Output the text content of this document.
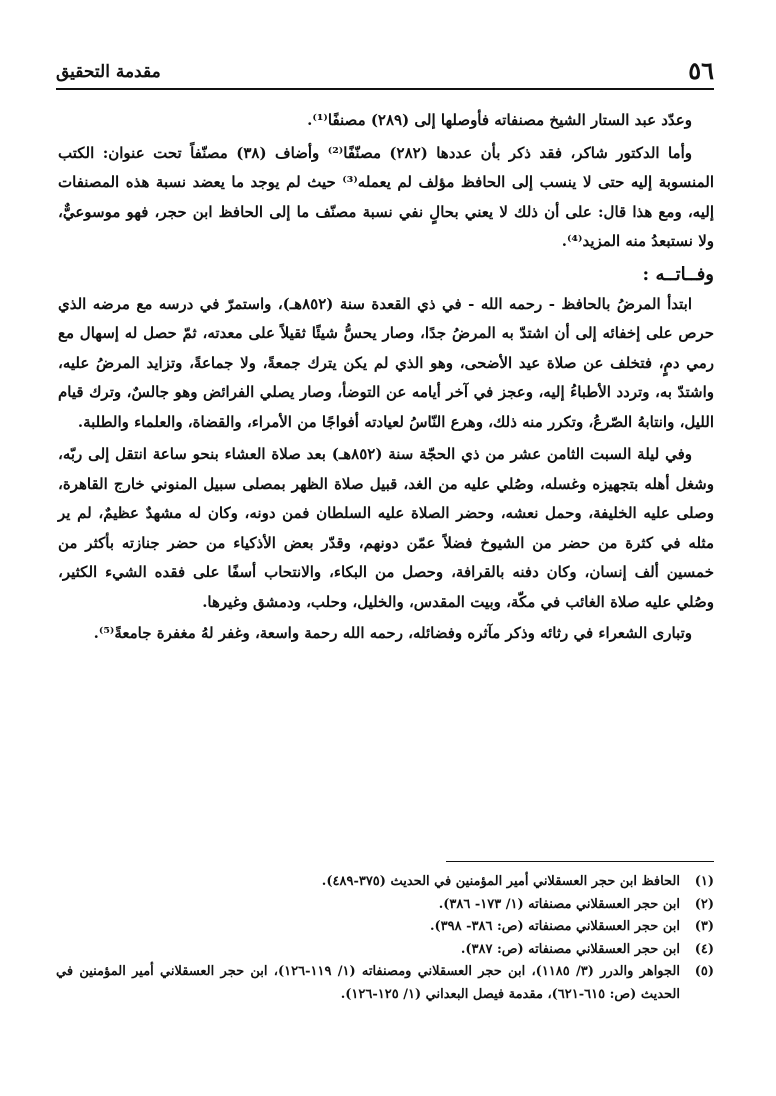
٥٦
مقدمة التحقيق

وعدّد عبد الستار الشيخ مصنفاته فأوصلها إلى (٢٨٩) مصنفًا⁽¹⁾.

وأما الدكتور شاكر، فقد ذكر بأن عددها (٢٨٢) مصنّفًا⁽²⁾ وأضاف (٣٨) مصنّفاً تحت عنوان: الكتب المنسوبة إليه حتى لا ينسب إلى الحافظ مؤلف لم يعمله⁽³⁾ حيث لم يوجد ما يعضد نسبة هذه المصنفات إليه، ومع هذا قال: على أن ذلك لا يعني بحالٍ نفي نسبة مصنّف ما إلى الحافظ ابن حجر، فهو موسوعيٌّ، ولا نستبعدُ منه المزيد⁽⁴⁾.

وفــاتــه :

ابتدأ المرضُ بالحافظ - رحمه الله - في ذي القعدة سنة (٨٥٢هـ)، واستمرّ في درسه مع مرضه الذي حرص على إخفائه إلى أن اشتدّ به المرضُ جدًا، وصار يحسُّ شيئًا ثقيلاً على معدته، ثمّ حصل له إسهال مع رمي دمٍ، فتخلف عن صلاة عيد الأضحى، وهو الذي لم يكن يترك جمعةً، ولا جماعةً، وتزايد المرضُ عليه، واشتدّ به، وتردد الأطباءُ إليه، وعجز في آخر أيامه عن التوضأ، وصار يصلي الفرائض وهو جالسٌ، وترك قيام الليل، وانتابهُ الصّرعُ، وتكرر منه ذلك، وهرع النّاسُ لعيادته أفواجًا من الأمراء، والقضاة، والعلماء والطلبة.

وفي ليلة السبت الثامن عشر من ذي الحجّة سنة (٨٥٢هـ) بعد صلاة العشاء بنحو ساعة انتقل إلى ربّه، وشغل أهله بتجهيزه وغسله، وصُلي عليه من الغد، قبيل صلاة الظهر بمصلى سبيل المنوني خارج القاهرة، وصلى عليه الخليفة، وحمل نعشه، وحضر الصلاة عليه السلطان فمن دونه، وكان له مشهدٌ عظيمٌ، لم ير مثله في كثرة من حضر من الشيوخ فضلاً عمّن دونهم، وقدّر بعض الأذكياء من حضر جنازته بأكثر من خمسين ألف إنسان، وكان دفنه بالقرافة، وحصل من البكاء، والانتحاب أسفًا على فقده الشيء الكثير، وصُلي عليه صلاة الغائب في مكّة، وبيت المقدس، والخليل، وحلب، ودمشق وغيرها.

وتبارى الشعراء في رثائه وذكر مآثره وفضائله، رحمه الله رحمة واسعة، وغفر لهُ مغفرة جامعةً⁽⁵⁾.

(١)
الحافظ ابن حجر العسقلاني أمير المؤمنين في الحديث (٣٧٥-٤٨٩).
(٢)
ابن حجر العسقلاني مصنفاته (١/ ١٧٣- ٣٨٦).
(٣)
ابن حجر العسقلاني مصنفاته (ص: ٣٨٦- ٣٩٨).
(٤)
ابن حجر العسقلاني مصنفاته (ص: ٣٨٧).
(٥)
الجواهر والدرر (٣/ ١١٨٥)، ابن حجر العسقلاني ومصنفاته (١/ ١١٩-١٢٦)، ابن حجر العسقلاني أمير المؤمنين في الحديث (ص: ٦١٥-٦٢١)، مقدمة فيصل البعداني (١/ ١٢٥-١٢٦).
